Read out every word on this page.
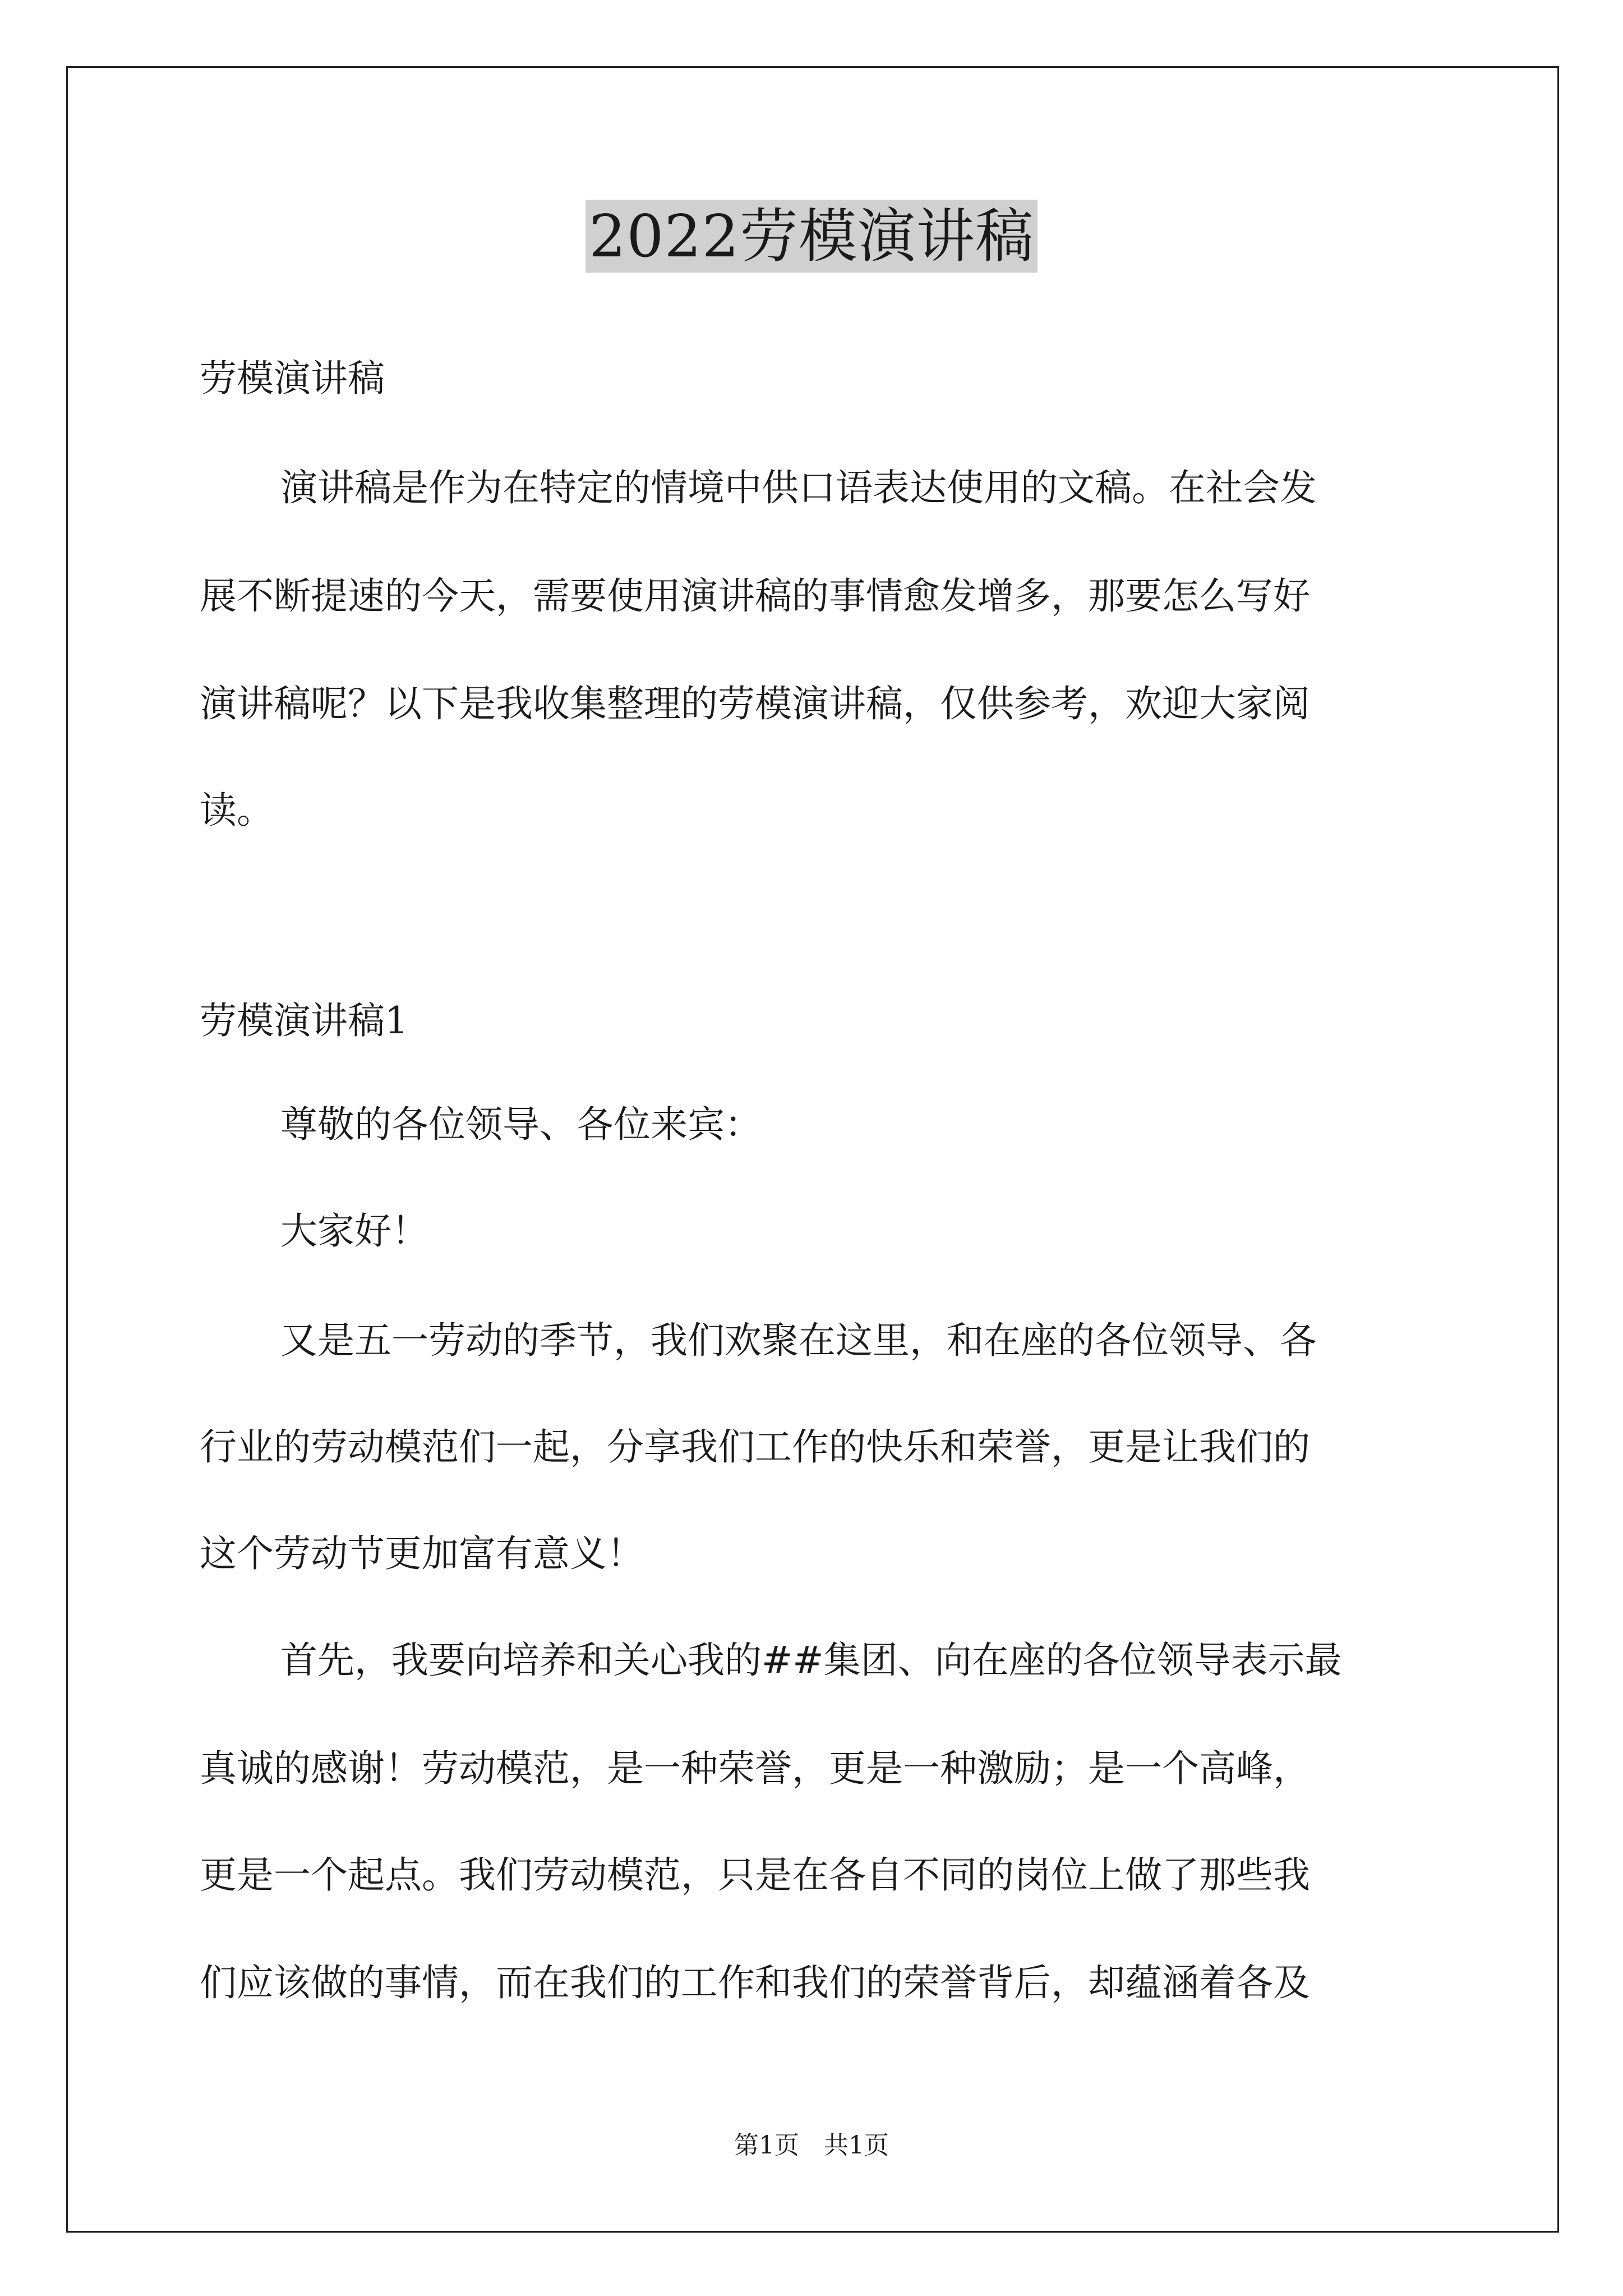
2022劳模演讲稿
劳模演讲稿
演讲稿是作为在特定的情境中供口语表达使用的文稿。在社会发
展不断提速的今天，需要使用演讲稿的事情愈发增多，那要怎么写好
演讲稿呢？以下是我收集整理的劳模演讲稿，仅供参考，欢迎大家阅
读。
劳模演讲稿1
尊敬的各位领导、各位来宾：
大家好！
又是五一劳动的季节，我们欢聚在这里，和在座的各位领导、各
行业的劳动模范们一起，分享我们工作的快乐和荣誉，更是让我们的
这个劳动节更加富有意义！
首先，我要向培养和关心我的##集团、向在座的各位领导表示最
真诚的感谢！劳动模范，是一种荣誉，更是一种激励；是一个高峰，
更是一个起点。我们劳动模范，只是在各自不同的岗位上做了那些我
们应该做的事情，而在我们的工作和我们的荣誉背后，却蕴涵着各及
第1页　共1页
